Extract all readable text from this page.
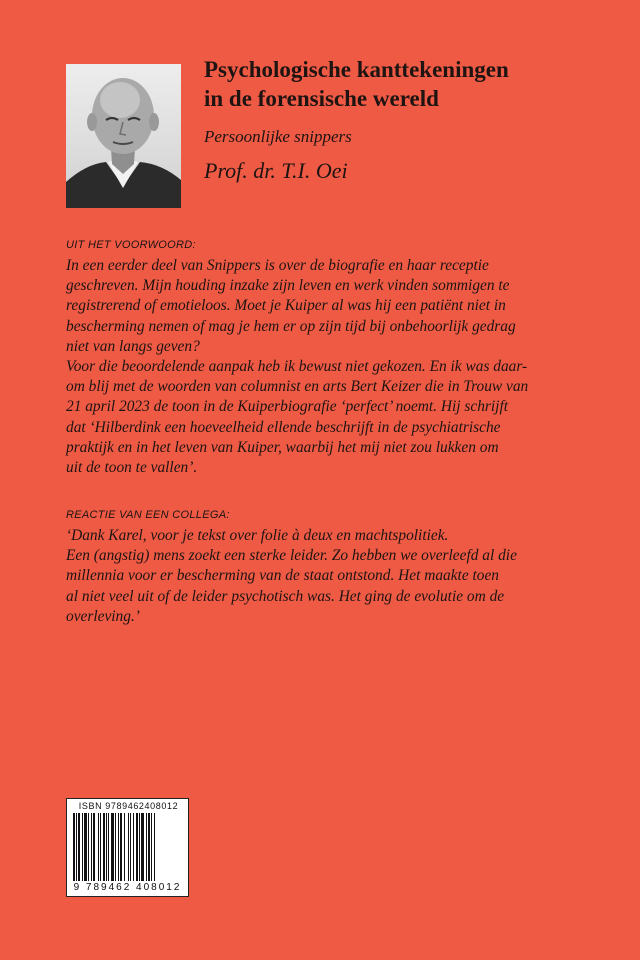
Psychologische kanttekeningen
in de forensische wereld

Persoonlijke snippers

Prof. dr. T.I. Oei

UIT HET VOORWOORD:

In een eerder deel van Snippers is over de biografie en haar receptie
geschreven. Mijn houding inzake zijn leven en werk vinden sommigen te
registrerend of emotieloos. Moet je Kuiper al was hij een patiënt niet in
bescherming nemen of mag je hem er op zijn tijd bij onbehoorlijk gedrag
niet van langs geven?
Voor die beoordelende aanpak heb ik bewust niet gekozen. En ik was daar-
om blij met de woorden van columnist en arts Bert Keizer die in Trouw van
21 april 2023 de toon in de Kuiperbiografie ‘perfect’ noemt. Hij schrijft
dat ‘Hilberdink een hoeveelheid ellende beschrijft in de psychiatrische
praktijk en in het leven van Kuiper, waarbij het mij niet zou lukken om
uit de toon te vallen’.

REACTIE VAN EEN COLLEGA:

‘Dank Karel, voor je tekst over folie à deux en machtspolitiek.
Een (angstig) mens zoekt een sterke leider. Zo hebben we overleefd al die
millennia voor er bescherming van de staat ontstond. Het maakte toen
al niet veel uit of de leider psychotisch was. Het ging de evolutie om de
overleving.’
ISBN 9789462408012
9 789462 408012
